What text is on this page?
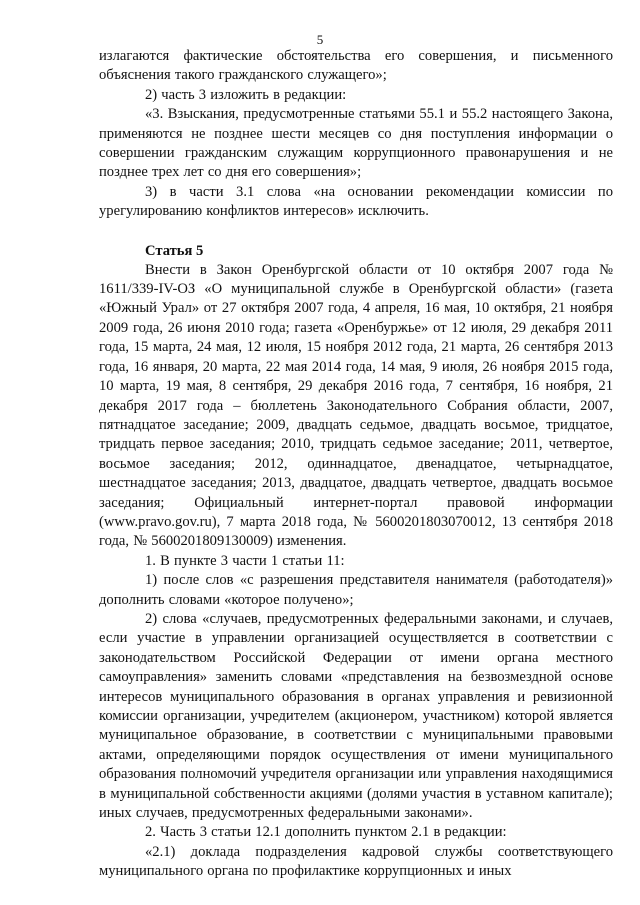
5

излагаются фактические обстоятельства его совершения, и письменного объяснения такого гражданского служащего»;

2) часть 3 изложить в редакции:

«3. Взыскания, предусмотренные статьями 55.1 и 55.2 настоящего Закона, применяются не позднее шести месяцев со дня поступления информации о совершении гражданским служащим коррупционного правонарушения и не позднее трех лет со дня его совершения»;

3) в части 3.1 слова «на основании рекомендации комиссии по урегулированию конфликтов интересов» исключить.

Статья 5

Внести в Закон Оренбургской области от 10 октября 2007 года № 1611/339-IV-ОЗ «О муниципальной службе в Оренбургской области» (газета «Южный Урал» от 27 октября 2007 года, 4 апреля, 16 мая, 10 октября, 21 ноября 2009 года, 26 июня 2010 года; газета «Оренбуржье» от 12 июля, 29 декабря 2011 года, 15 марта, 24 мая, 12 июля, 15 ноября 2012 года, 21 марта, 26 сентября 2013 года, 16 января, 20 марта, 22 мая 2014 года, 14 мая, 9 июля, 26 ноября 2015 года, 10 марта, 19 мая, 8 сентября, 29 декабря 2016 года, 7 сентября, 16 ноября, 21 декабря 2017 года – бюллетень Законодательного Собрания области, 2007, пятнадцатое заседание; 2009, двадцать седьмое, двадцать восьмое, тридцатое, тридцать первое заседания; 2010, тридцать седьмое заседание; 2011, четвертое, восьмое заседания; 2012, одиннадцатое, двенадцатое, четырнадцатое, шестнадцатое заседания; 2013, двадцатое, двадцать четвертое, двадцать восьмое заседания; Официальный интернет-портал правовой информации (www.pravo.gov.ru), 7 марта 2018 года, № 5600201803070012, 13 сентября 2018 года, № 5600201809130009) изменения.

1. В пункте 3 части 1 статьи 11:

1) после слов «с разрешения представителя нанимателя (работодателя)» дополнить словами «которое получено»;

2) слова «случаев, предусмотренных федеральными законами, и случаев, если участие в управлении организацией осуществляется в соответствии с законодательством Российской Федерации от имени органа местного самоуправления» заменить словами «представления на безвозмездной основе интересов муниципального образования в органах управления и ревизионной комиссии организации, учредителем (акционером, участником) которой является муниципальное образование, в соответствии с муниципальными правовыми актами, определяющими порядок осуществления от имени муниципального образования полномочий учредителя организации или управления находящимися в муниципальной собственности акциями (долями участия в уставном капитале); иных случаев, предусмотренных федеральными законами».

2. Часть 3 статьи 12.1 дополнить пунктом 2.1 в редакции:

«2.1) доклада подразделения кадровой службы соответствующего муниципального органа по профилактике коррупционных и иных
